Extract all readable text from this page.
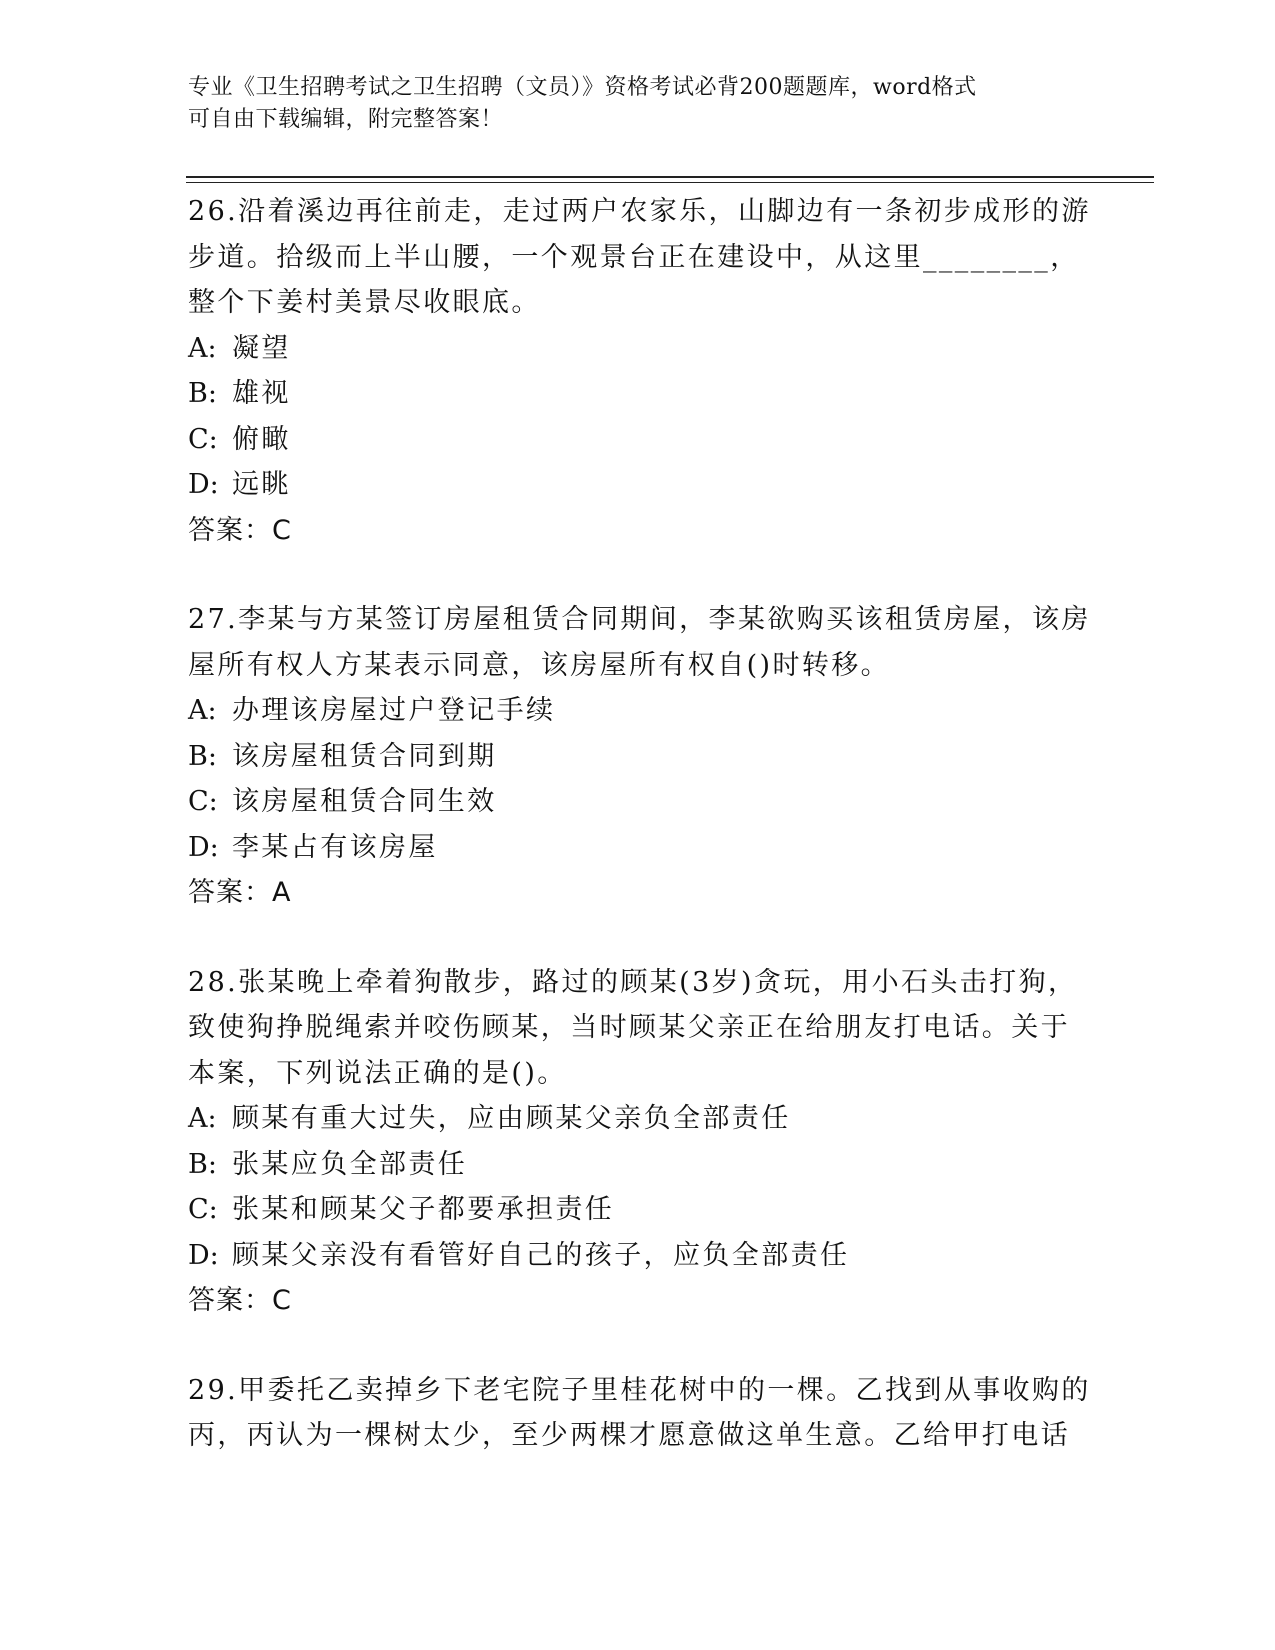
专业《卫生招聘考试之卫生招聘（文员）》资格考试必背200题题库，word格式
可自由下载编辑，附完整答案！
26.沿着溪边再往前走，走过两户农家乐，山脚边有一条初步成形的游
步道。拾级而上半山腰，一个观景台正在建设中，从这里________，
整个下姜村美景尽收眼底。
A: 凝望
B: 雄视
C: 俯瞰
D: 远眺
答案：C
27.李某与方某签订房屋租赁合同期间，李某欲购买该租赁房屋，该房
屋所有权人方某表示同意，该房屋所有权自()时转移。
A: 办理该房屋过户登记手续
B: 该房屋租赁合同到期
C: 该房屋租赁合同生效
D: 李某占有该房屋
答案：A
28.张某晚上牵着狗散步，路过的顾某(3岁)贪玩，用小石头击打狗，
致使狗挣脱绳索并咬伤顾某，当时顾某父亲正在给朋友打电话。关于
本案，下列说法正确的是()。
A: 顾某有重大过失，应由顾某父亲负全部责任
B: 张某应负全部责任
C: 张某和顾某父子都要承担责任
D: 顾某父亲没有看管好自己的孩子，应负全部责任
答案：C
29.甲委托乙卖掉乡下老宅院子里桂花树中的一棵。乙找到从事收购的
丙，丙认为一棵树太少，至少两棵才愿意做这单生意。乙给甲打电话
